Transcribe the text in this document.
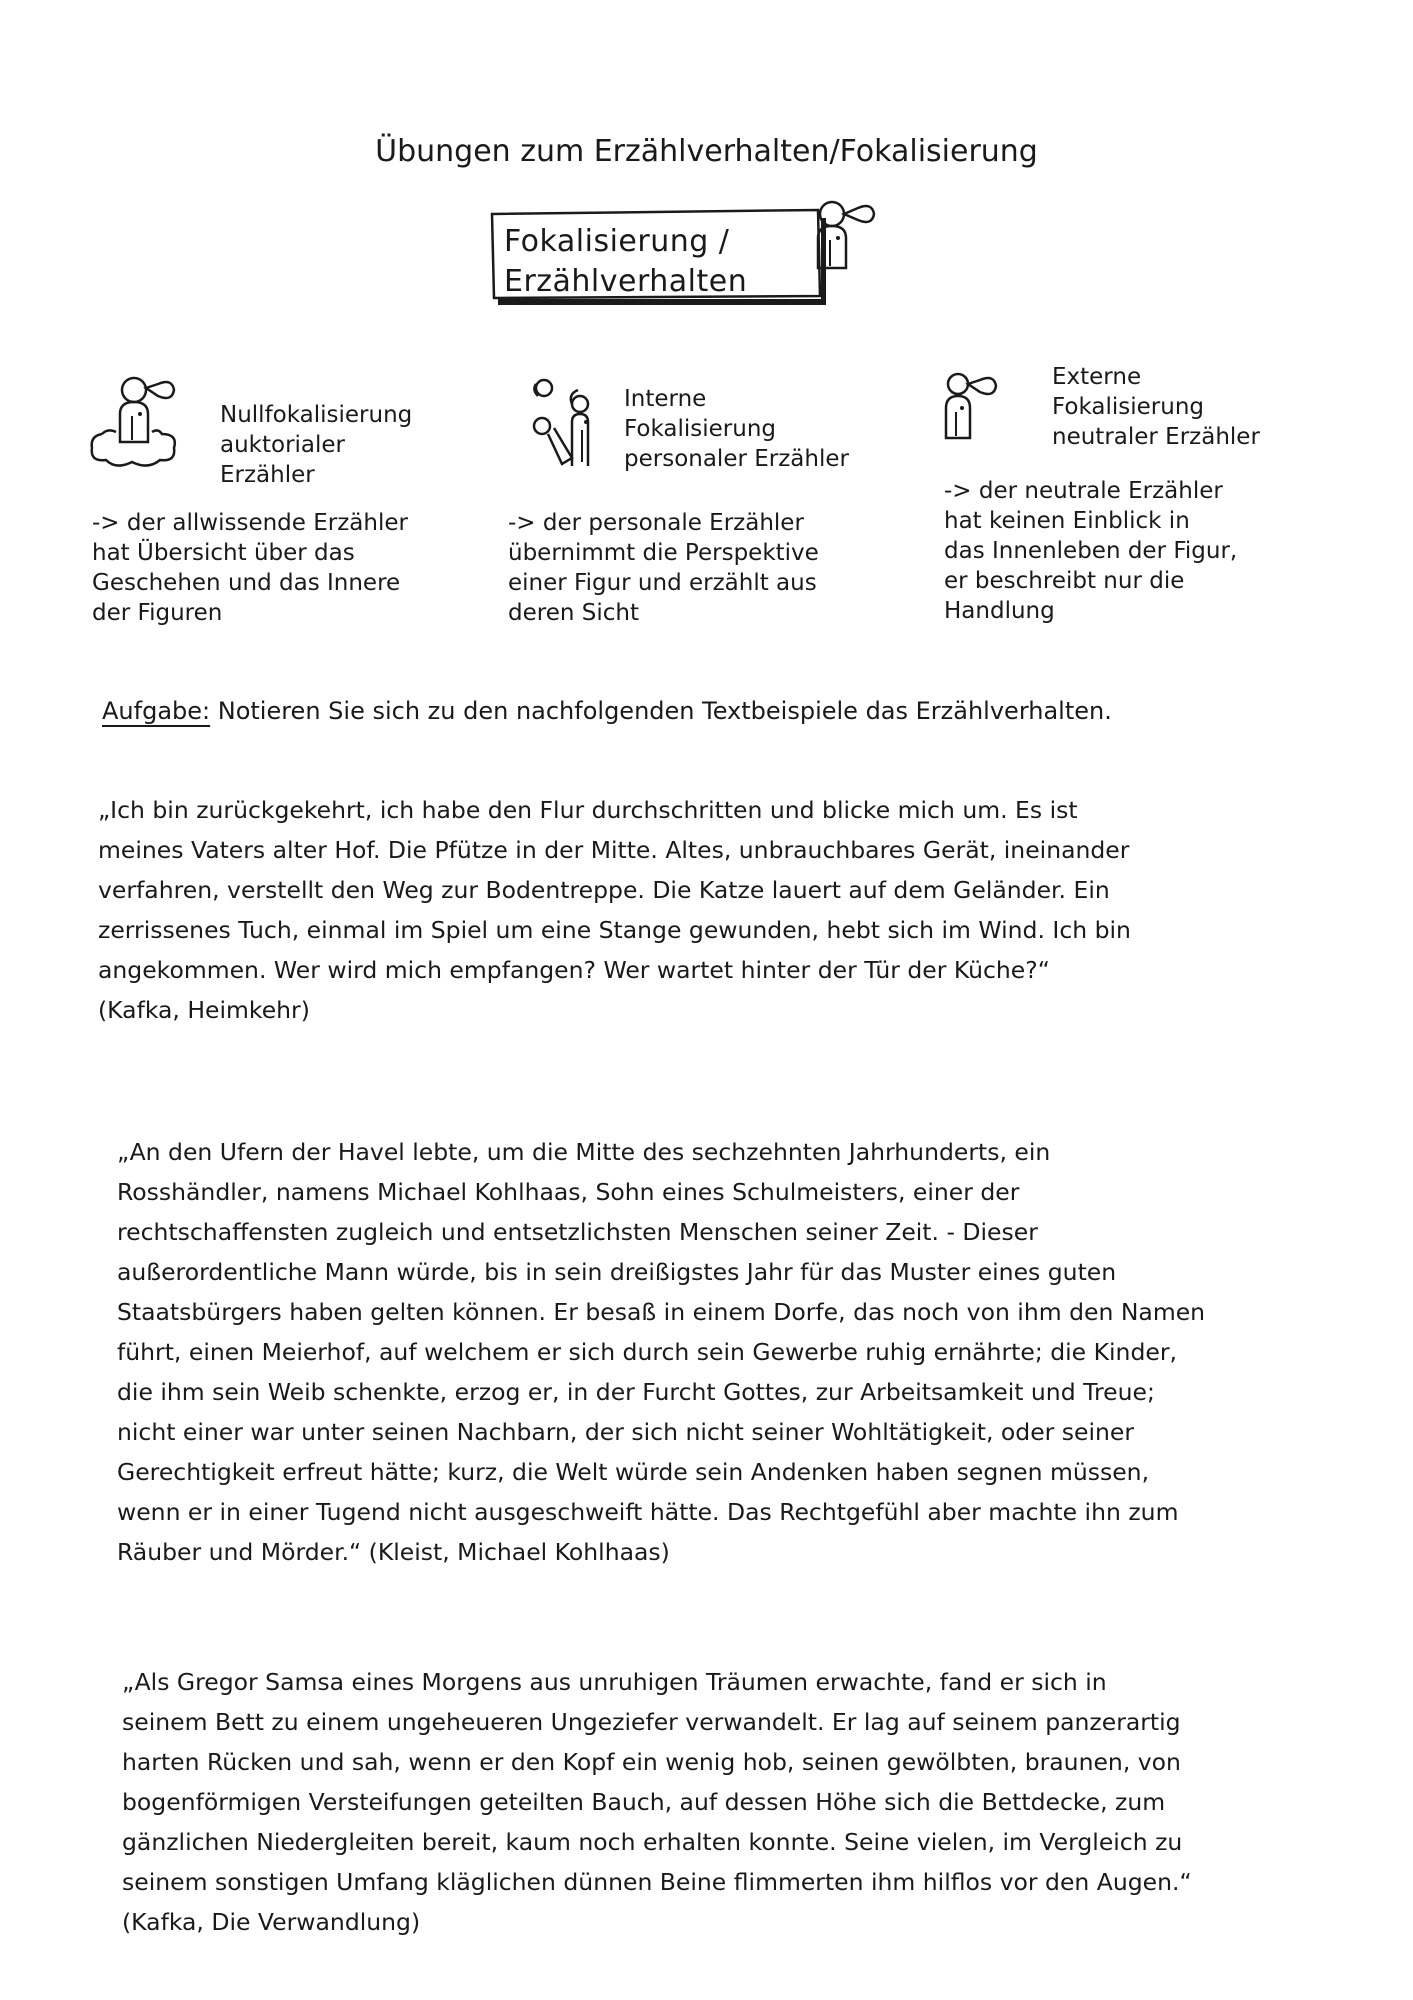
Übungen zum Erzählverhalten/Fokalisierung
Fokalisierung /
Erzählverhalten
Nullfokalisierung
auktorialer
Erzähler
-> der allwissende Erzähler
hat Übersicht über das
Geschehen und das Innere
der Figuren
Interne
Fokalisierung
personaler Erzähler
-> der personale Erzähler
übernimmt die Perspektive
einer Figur und erzählt aus
deren Sicht
Externe
Fokalisierung
neutraler Erzähler
-> der neutrale Erzähler
hat keinen Einblick in
das Innenleben der Figur,
er beschreibt nur die
Handlung
Aufgabe: Notieren Sie sich zu den nachfolgenden Textbeispiele das Erzählverhalten.
„Ich bin zurückgekehrt, ich habe den Flur durchschritten und blicke mich um. Es ist
meines Vaters alter Hof. Die Pfütze in der Mitte. Altes, unbrauchbares Gerät, ineinander
verfahren, verstellt den Weg zur Bodentreppe. Die Katze lauert auf dem Geländer. Ein
zerrissenes Tuch, einmal im Spiel um eine Stange gewunden, hebt sich im Wind. Ich bin
angekommen. Wer wird mich empfangen? Wer wartet hinter der Tür der Küche?“
(Kafka, Heimkehr)
„An den Ufern der Havel lebte, um die Mitte des sechzehnten Jahrhunderts, ein
Rosshändler, namens Michael Kohlhaas, Sohn eines Schulmeisters, einer der
rechtschaffensten zugleich und entsetzlichsten Menschen seiner Zeit. - Dieser
außerordentliche Mann würde, bis in sein dreißigstes Jahr für das Muster eines guten
Staatsbürgers haben gelten können. Er besaß in einem Dorfe, das noch von ihm den Namen
führt, einen Meierhof, auf welchem er sich durch sein Gewerbe ruhig ernährte; die Kinder,
die ihm sein Weib schenkte, erzog er, in der Furcht Gottes, zur Arbeitsamkeit und Treue;
nicht einer war unter seinen Nachbarn, der sich nicht seiner Wohltätigkeit, oder seiner
Gerechtigkeit erfreut hätte; kurz, die Welt würde sein Andenken haben segnen müssen,
wenn er in einer Tugend nicht ausgeschweift hätte. Das Rechtgefühl aber machte ihn zum
Räuber und Mörder.“ (Kleist, Michael Kohlhaas)
„Als Gregor Samsa eines Morgens aus unruhigen Träumen erwachte, fand er sich in
seinem Bett zu einem ungeheueren Ungeziefer verwandelt. Er lag auf seinem panzerartig
harten Rücken und sah, wenn er den Kopf ein wenig hob, seinen gewölbten, braunen, von
bogenförmigen Versteifungen geteilten Bauch, auf dessen Höhe sich die Bettdecke, zum
gänzlichen Niedergleiten bereit, kaum noch erhalten konnte. Seine vielen, im Vergleich zu
seinem sonstigen Umfang kläglichen dünnen Beine flimmerten ihm hilflos vor den Augen.“
(Kafka, Die Verwandlung)
